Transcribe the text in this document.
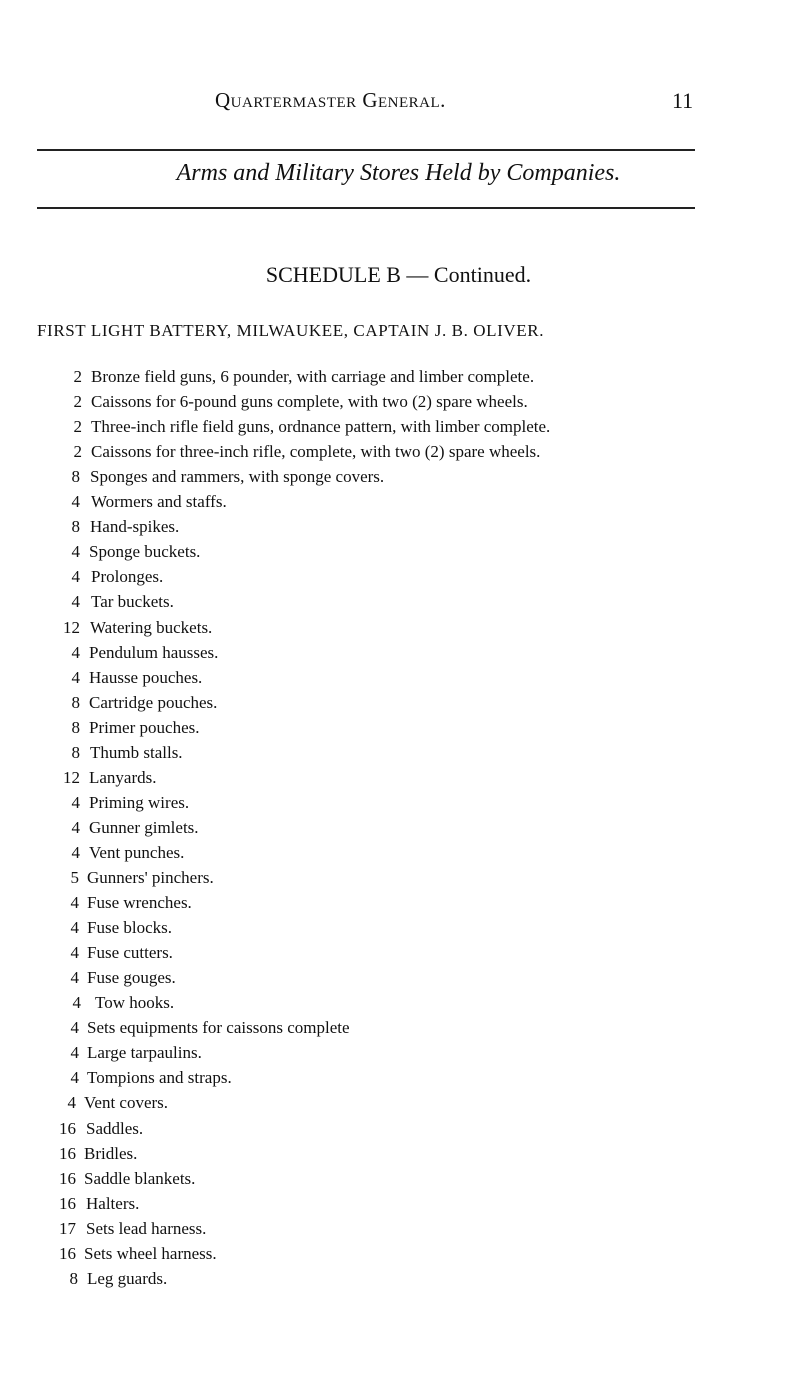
Quartermaster General.	11
Arms and Military Stores Held by Companies.
SCHEDULE B — Continued.
FIRST LIGHT BATTERY, MILWAUKEE, CAPTAIN J. B. OLIVER.
2 Bronze field guns, 6 pounder, with carriage and limber complete.
2 Caissons for 6-pound guns complete, with two (2) spare wheels.
2 Three-inch rifle field guns, ordnance pattern, with limber complete.
2 Caissons for three-inch rifle, complete, with two (2) spare wheels.
8 Sponges and rammers, with sponge covers.
4 Wormers and staffs.
8 Hand-spikes.
4 Sponge buckets.
4 Prolonges.
4 Tar buckets.
12 Watering buckets.
4 Pendulum hausses.
4 Hausse pouches.
8 Cartridge pouches.
8 Primer pouches.
8 Thumb stalls.
12 Lanyards.
4 Priming wires.
4 Gunner gimlets.
4 Vent punches.
5 Gunners' pinchers.
4 Fuse wrenches.
4 Fuse blocks.
4 Fuse cutters.
4 Fuse gouges.
4 Tow hooks.
4 Sets equipments for caissons complete
4 Large tarpaulins.
4 Tompions and straps.
4 Vent covers.
16 Saddles.
16 Bridles.
16 Saddle blankets.
16 Halters.
17 Sets lead harness.
16 Sets wheel harness.
8 Leg guards.
